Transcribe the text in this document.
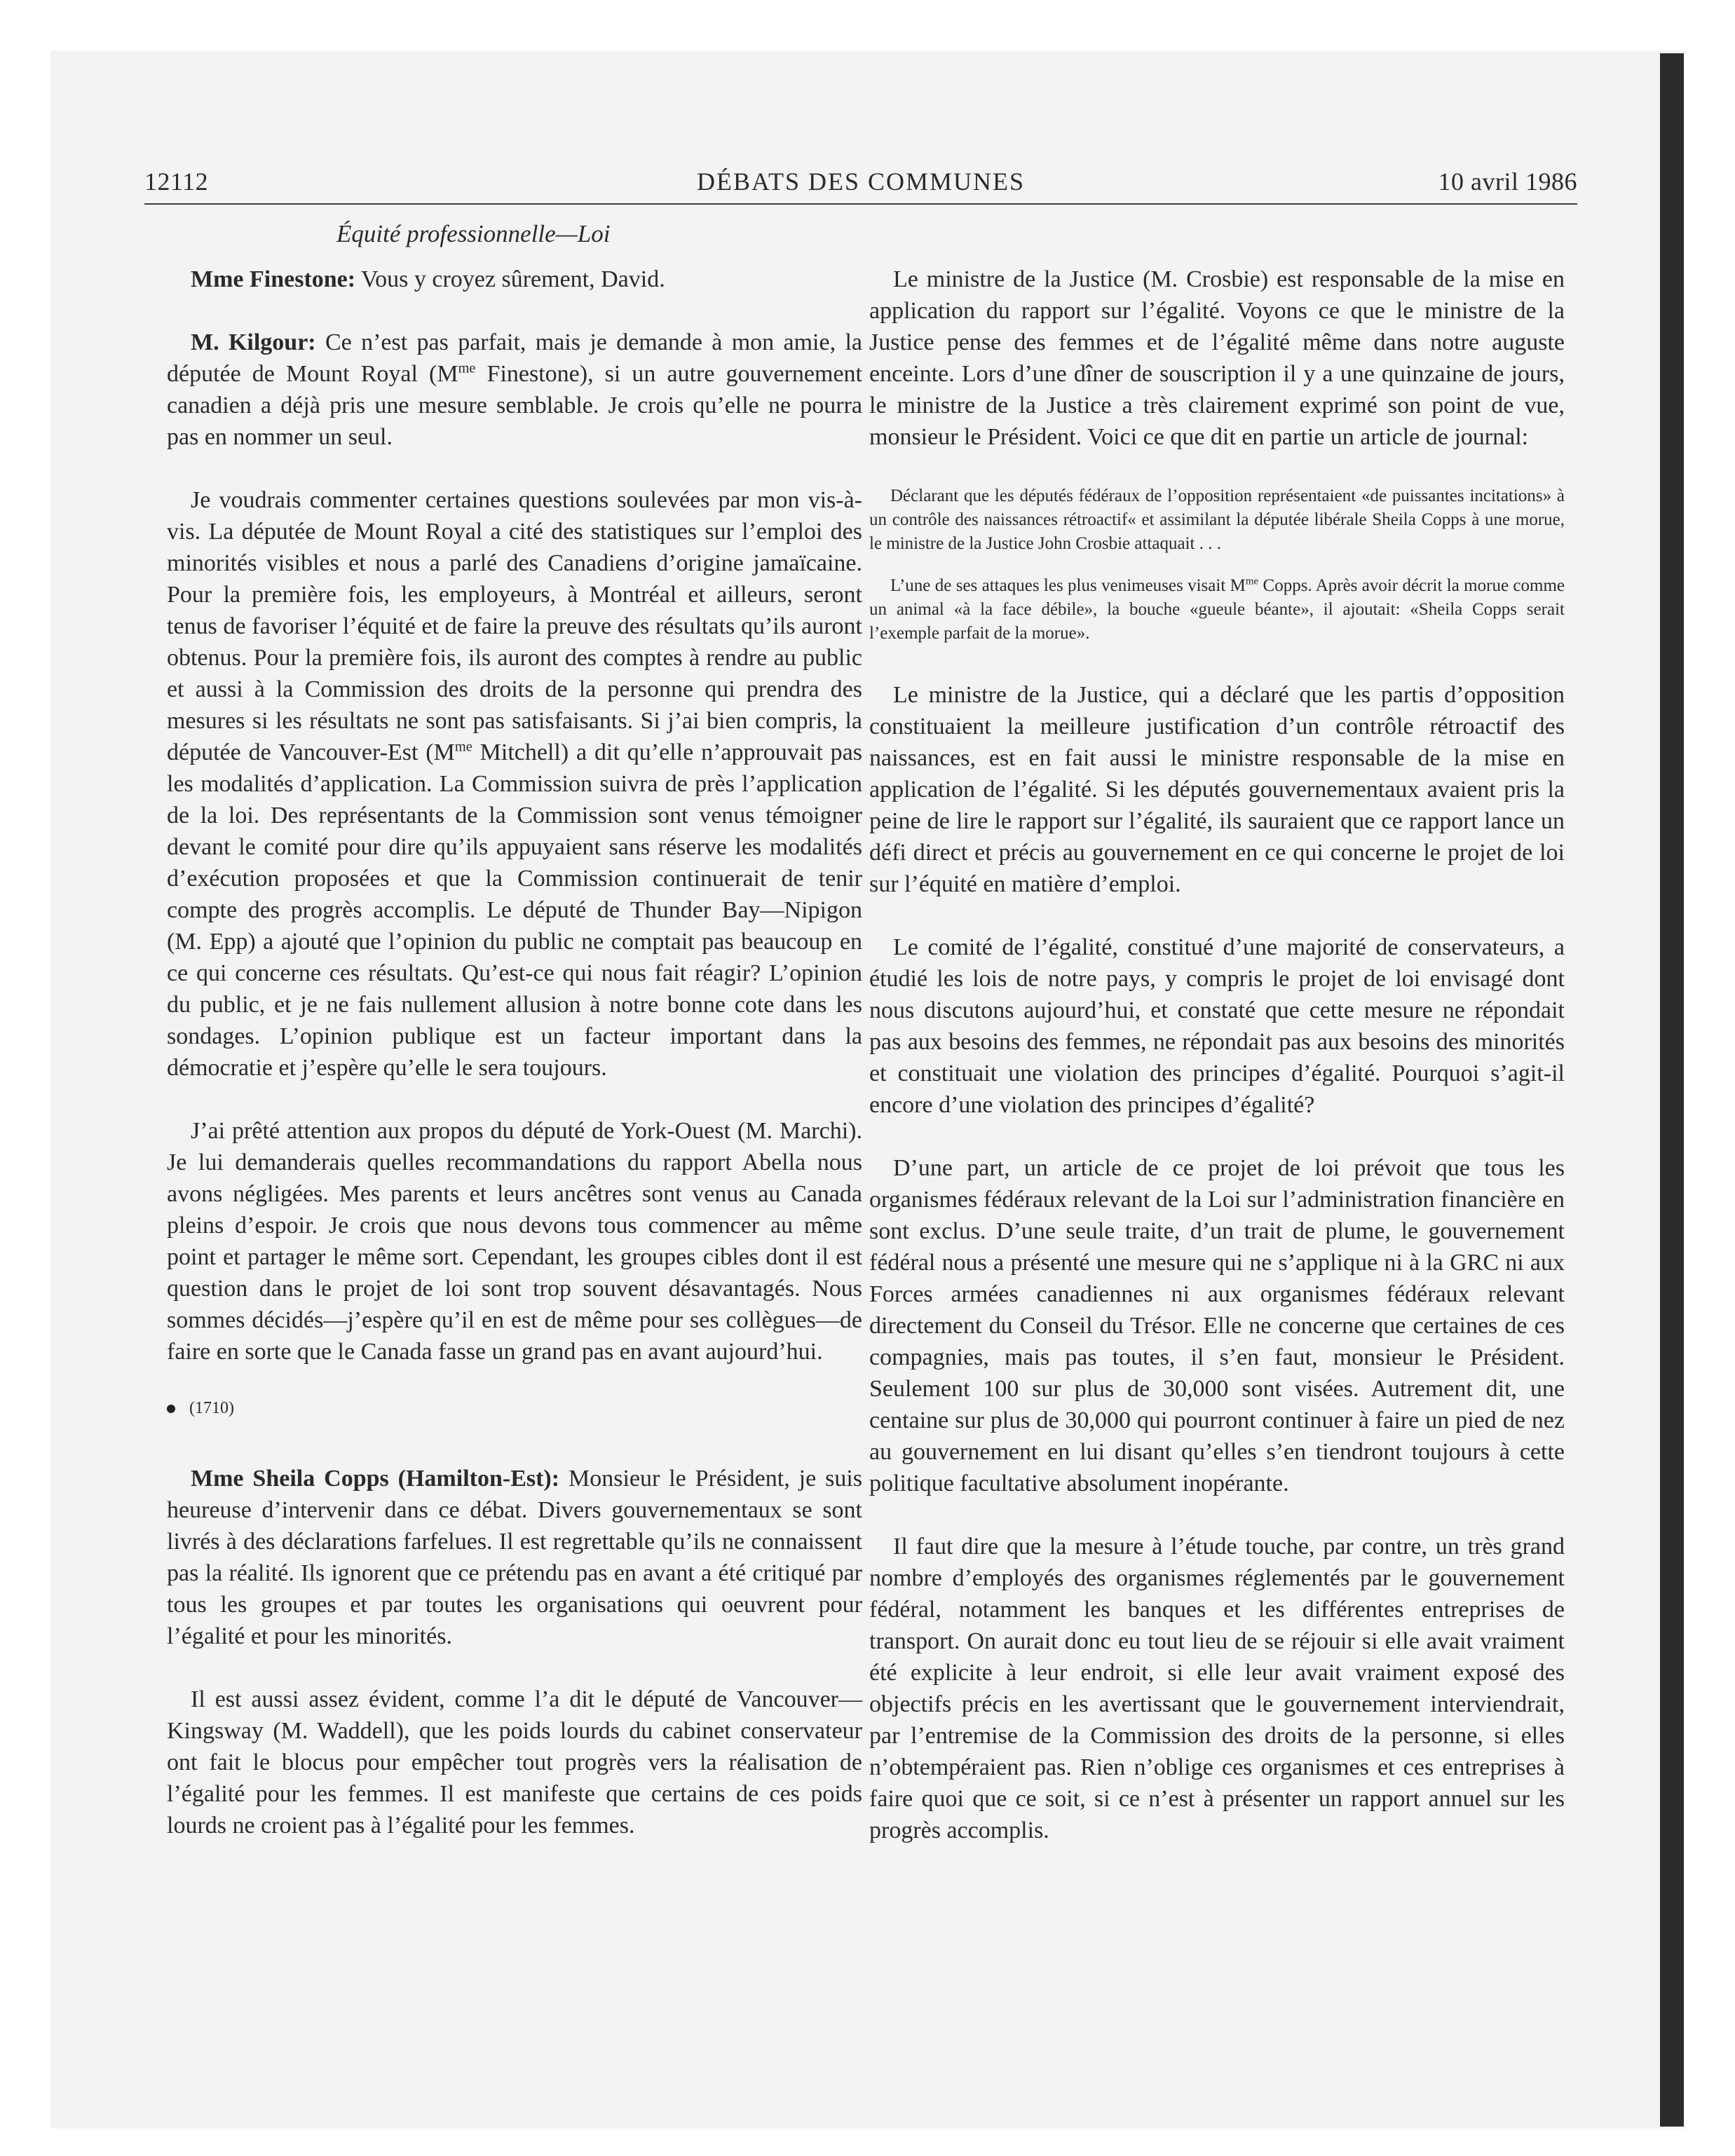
12112	DÉBATS DES COMMUNES	10 avril 1986
Équité professionnelle—Loi

Mme Finestone: Vous y croyez sûrement, David.

M. Kilgour: Ce n’est pas parfait, mais je demande à mon amie, la députée de Mount Royal ($M^{me}$ Finestone), si un autre gouvernement canadien a déjà pris une mesure semblable. Je crois qu’elle ne pourra pas en nommer un seul.

Je voudrais commenter certaines questions soulevées par mon vis-à-vis. La députée de Mount Royal a cité des statistiques sur l’emploi des minorités visibles et nous a parlé des Canadiens d’origine jamaïcaine. Pour la première fois, les employeurs, à Montréal et ailleurs, seront tenus de favoriser l’équité et de faire la preuve des résultats qu’ils auront obtenus. Pour la première fois, ils auront des comptes à rendre au public et aussi à la Commission des droits de la personne qui prendra des mesures si les résultats ne sont pas satisfaisants. Si j’ai bien compris, la députée de Vancouver-Est ($M^{me}$ Mitchell) a dit qu’elle n’approuvait pas les modalités d’application. La Commission suivra de près l’application de la loi. Des représentants de la Commission sont venus témoigner devant le comité pour dire qu’ils appuyaient sans réserve les modalités d’exécution proposées et que la Commission continuerait de tenir compte des progrès accomplis. Le député de Thunder Bay—Nipigon (M. Epp) a ajouté que l’opinion du public ne comptait pas beaucoup en ce qui concerne ces résultats. Qu’est-ce qui nous fait réagir? L’opinion du public, et je ne fais nullement allusion à notre bonne cote dans les sondages. L’opinion publique est un facteur important dans la démocratie et j’espère qu’elle le sera toujours.

J’ai prêté attention aux propos du député de York-Ouest (M. Marchi). Je lui demanderais quelles recommandations du rapport Abella nous avons négligées. Mes parents et leurs ancêtres sont venus au Canada pleins d’espoir. Je crois que nous devons tous commencer au même point et partager le même sort. Cependant, les groupes cibles dont il est question dans le projet de loi sont trop souvent désavantagés. Nous sommes décidés—j’espère qu’il en est de même pour ses collègues—de faire en sorte que le Canada fasse un grand pas en avant aujourd’hui.

(1710)

Mme Sheila Copps (Hamilton-Est): Monsieur le Président, je suis heureuse d’intervenir dans ce débat. Divers gouvernementaux se sont livrés à des déclarations farfelues. Il est regrettable qu’ils ne connaissent pas la réalité. Ils ignorent que ce prétendu pas en avant a été critiqué par tous les groupes et par toutes les organisations qui oeuvrent pour l’égalité et pour les minorités.

Il est aussi assez évident, comme l’a dit le député de Vancouver—Kingsway (M. Waddell), que les poids lourds du cabinet conservateur ont fait le blocus pour empêcher tout progrès vers la réalisation de l’égalité pour les femmes. Il est manifeste que certains de ces poids lourds ne croient pas à l’égalité pour les femmes.

Le ministre de la Justice (M. Crosbie) est responsable de la mise en application du rapport sur l’égalité. Voyons ce que le ministre de la Justice pense des femmes et de l’égalité même dans notre auguste enceinte. Lors d’une dîner de souscription il y a une quinzaine de jours, le ministre de la Justice a très clairement exprimé son point de vue, monsieur le Président. Voici ce que dit en partie un article de journal:

Déclarant que les députés fédéraux de l’opposition représentaient «de puissantes incitations» à un contrôle des naissances rétroactif« et assimilant la députée libérale Sheila Copps à une morue, le ministre de la Justice John Crosbie attaquait . . .

L’une de ses attaques les plus venimeuses visait $M^{me}$ Copps. Après avoir décrit la morue comme un animal «à la face débile», la bouche «gueule béante», il ajoutait: «Sheila Copps serait l’exemple parfait de la morue».

Le ministre de la Justice, qui a déclaré que les partis d’opposition constituaient la meilleure justification d’un contrôle rétroactif des naissances, est en fait aussi le ministre responsable de la mise en application de l’égalité. Si les députés gouvernementaux avaient pris la peine de lire le rapport sur l’égalité, ils sauraient que ce rapport lance un défi direct et précis au gouvernement en ce qui concerne le projet de loi sur l’équité en matière d’emploi.

Le comité de l’égalité, constitué d’une majorité de conservateurs, a étudié les lois de notre pays, y compris le projet de loi envisagé dont nous discutons aujourd’hui, et constaté que cette mesure ne répondait pas aux besoins des femmes, ne répondait pas aux besoins des minorités et constituait une violation des principes d’égalité. Pourquoi s’agit-il encore d’une violation des principes d’égalité?

D’une part, un article de ce projet de loi prévoit que tous les organismes fédéraux relevant de la Loi sur l’administration financière en sont exclus. D’une seule traite, d’un trait de plume, le gouvernement fédéral nous a présenté une mesure qui ne s’applique ni à la GRC ni aux Forces armées canadiennes ni aux organismes fédéraux relevant directement du Conseil du Trésor. Elle ne concerne que certaines de ces compagnies, mais pas toutes, il s’en faut, monsieur le Président. Seulement 100 sur plus de 30,000 sont visées. Autrement dit, une centaine sur plus de 30,000 qui pourront continuer à faire un pied de nez au gouvernement en lui disant qu’elles s’en tiendront toujours à cette politique facultative absolument inopérante.

Il faut dire que la mesure à l’étude touche, par contre, un très grand nombre d’employés des organismes réglementés par le gouvernement fédéral, notamment les banques et les différentes entreprises de transport. On aurait donc eu tout lieu de se réjouir si elle avait vraiment été explicite à leur endroit, si elle leur avait vraiment exposé des objectifs précis en les avertissant que le gouvernement interviendrait, par l’entremise de la Commission des droits de la personne, si elles n’obtempéraient pas. Rien n’oblige ces organismes et ces entreprises à faire quoi que ce soit, si ce n’est à présenter un rapport annuel sur les progrès accomplis.
